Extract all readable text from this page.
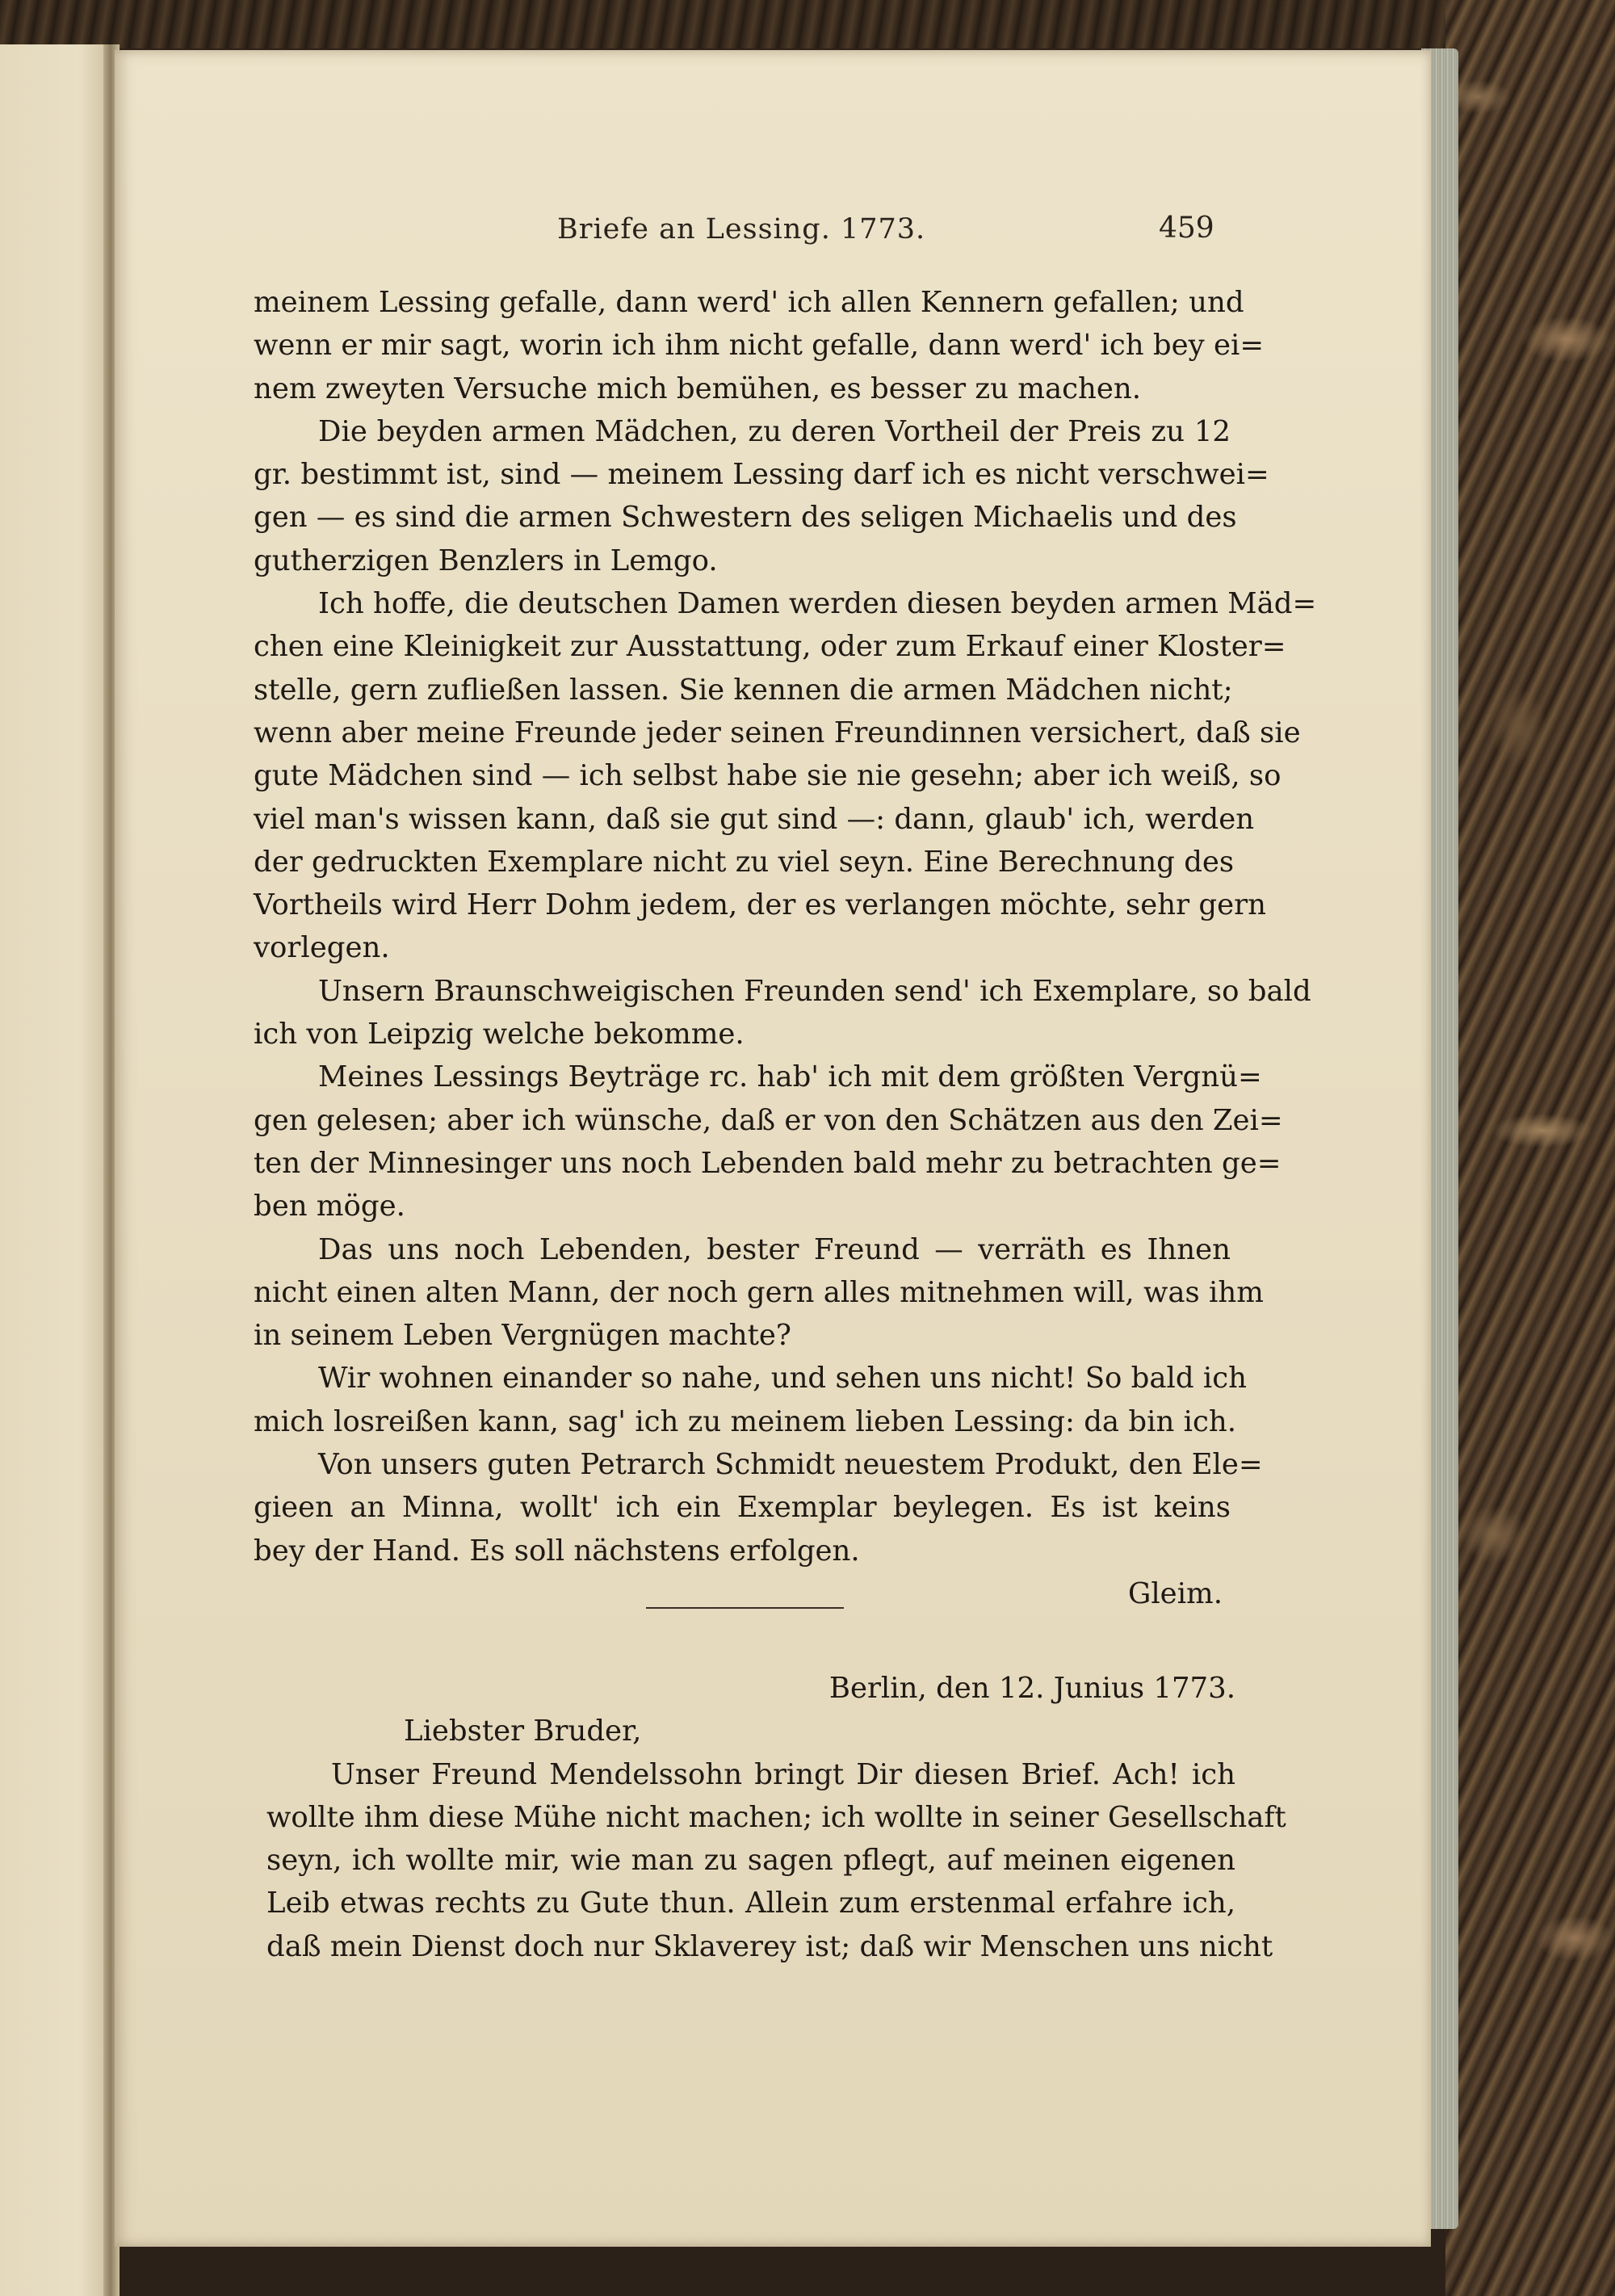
Briefe an Lessing. 1773.	459
meinem Lessing gefalle, dann werd' ich allen Kennern gefallen; und
wenn er mir sagt, worin ich ihm nicht gefalle, dann werd' ich bey ei=
nem zweyten Versuche mich bemühen, es besser zu machen.
Die beyden armen Mädchen, zu deren Vortheil der Preis zu 12
gr. bestimmt ist, sind — meinem Lessing darf ich es nicht verschwei=
gen — es sind die armen Schwestern des seligen Michaelis und des
gutherzigen Benzlers in Lemgo.
Ich hoffe, die deutschen Damen werden diesen beyden armen Mäd=
chen eine Kleinigkeit zur Ausstattung, oder zum Erkauf einer Kloster=
stelle, gern zufließen lassen. Sie kennen die armen Mädchen nicht;
wenn aber meine Freunde jeder seinen Freundinnen versichert, daß sie
gute Mädchen sind — ich selbst habe sie nie gesehn; aber ich weiß, so
viel man's wissen kann, daß sie gut sind —: dann, glaub' ich, werden
der gedruckten Exemplare nicht zu viel seyn. Eine Berechnung des
Vortheils wird Herr Dohm jedem, der es verlangen möchte, sehr gern
vorlegen.
Unsern Braunschweigischen Freunden send' ich Exemplare, so bald
ich von Leipzig welche bekomme.
Meines Lessings Beyträge rc. hab' ich mit dem größten Vergnü=
gen gelesen; aber ich wünsche, daß er von den Schätzen aus den Zei=
ten der Minnesinger uns noch Lebenden bald mehr zu betrachten ge=
ben möge.
Das uns noch Lebenden, bester Freund — verräth es Ihnen
nicht einen alten Mann, der noch gern alles mitnehmen will, was ihm
in seinem Leben Vergnügen machte?
Wir wohnen einander so nahe, und sehen uns nicht! So bald ich
mich losreißen kann, sag' ich zu meinem lieben Lessing: da bin ich.
Von unsers guten Petrarch Schmidt neuestem Produkt, den Ele=
gieen an Minna, wollt' ich ein Exemplar beylegen. Es ist keins
bey der Hand. Es soll nächstens erfolgen.
Gleim.
Berlin, den 12. Junius 1773.
Liebster Bruder,
Unser Freund Mendelssohn bringt Dir diesen Brief. Ach! ich
wollte ihm diese Mühe nicht machen; ich wollte in seiner Gesellschaft
seyn, ich wollte mir, wie man zu sagen pflegt, auf meinen eigenen
Leib etwas rechts zu Gute thun. Allein zum erstenmal erfahre ich,
daß mein Dienst doch nur Sklaverey ist; daß wir Menschen uns nicht
